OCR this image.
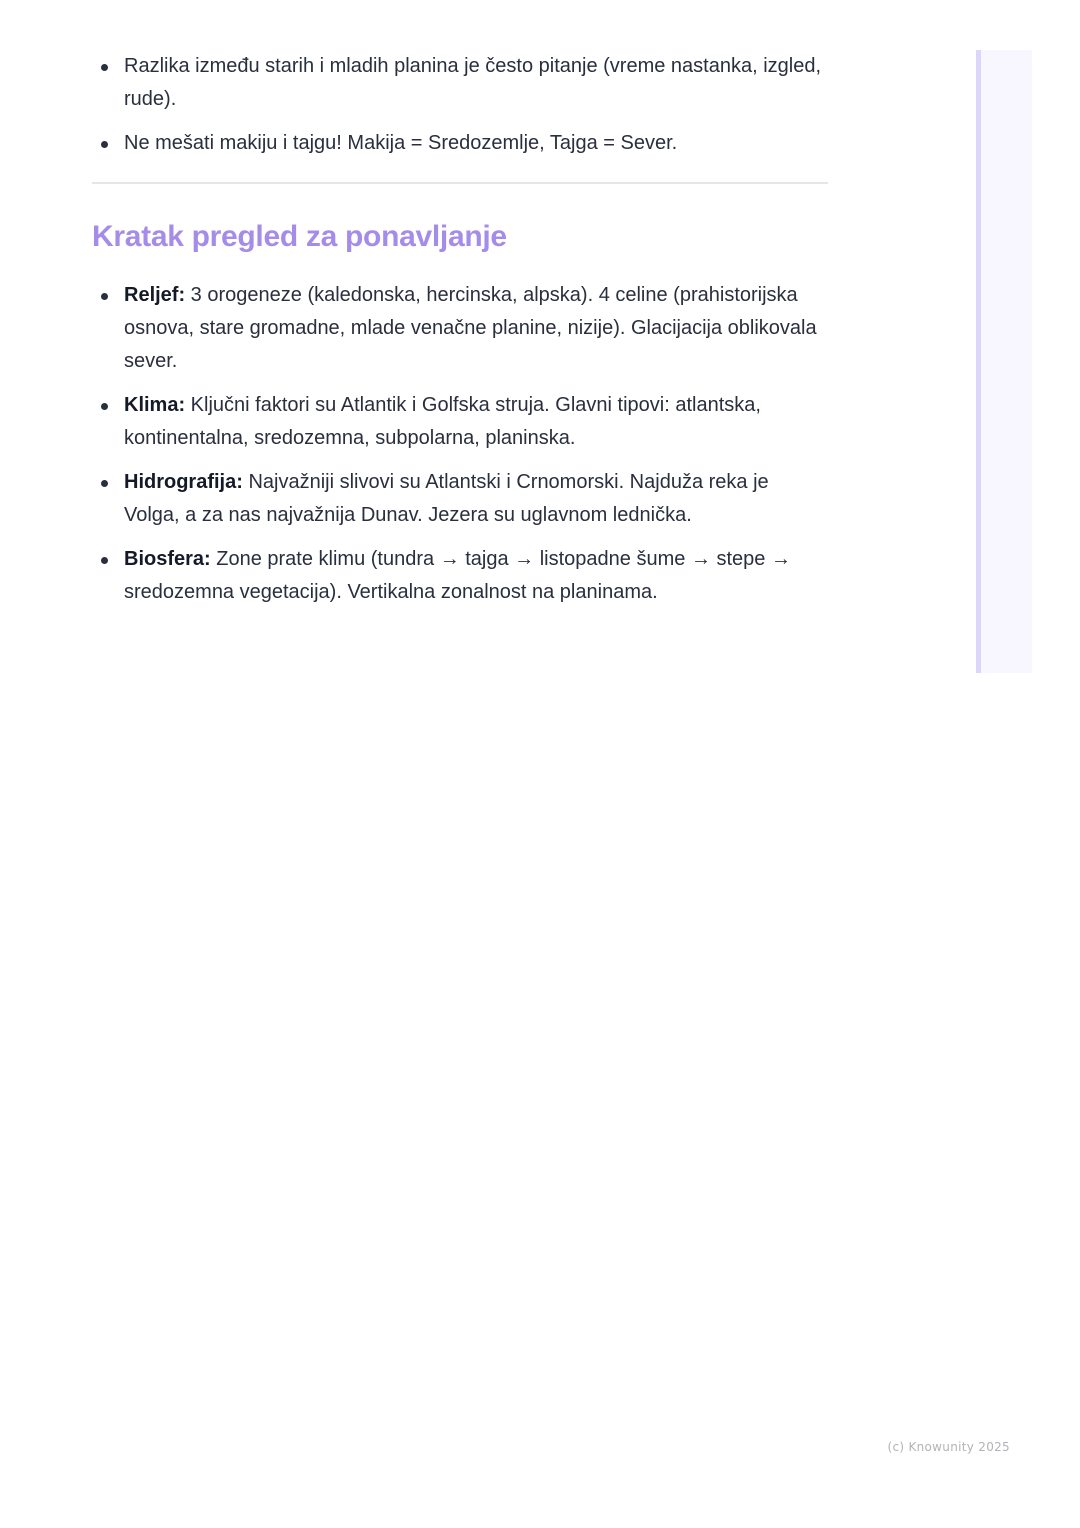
Razlika između starih i mladih planina je često pitanje (vreme nastanka, izgled, rude).
Ne mešati makiju i tajgu! Makija = Sredozemlje, Tajga = Sever.
Kratak pregled za ponavljanje
Reljef: 3 orogeneze (kaledonska, hercinska, alpska). 4 celine (prahistorijska osnova, stare gromadne, mlade venačne planine, nizije). Glacijacija oblikovala sever.
Klima: Ključni faktori su Atlantik i Golfska struja. Glavni tipovi: atlantska, kontinentalna, sredozemna, subpolarna, planinska.
Hidrografija: Najvažniji slivovi su Atlantski i Crnomorski. Najduža reka je Volga, a za nas najvažnija Dunav. Jezera su uglavnom lednička.
Biosfera: Zone prate klimu (tundra → tajga → listopadne šume → stepe → sredozemna vegetacija). Vertikalna zonalnost na planinama.
(c) Knowunity 2025
